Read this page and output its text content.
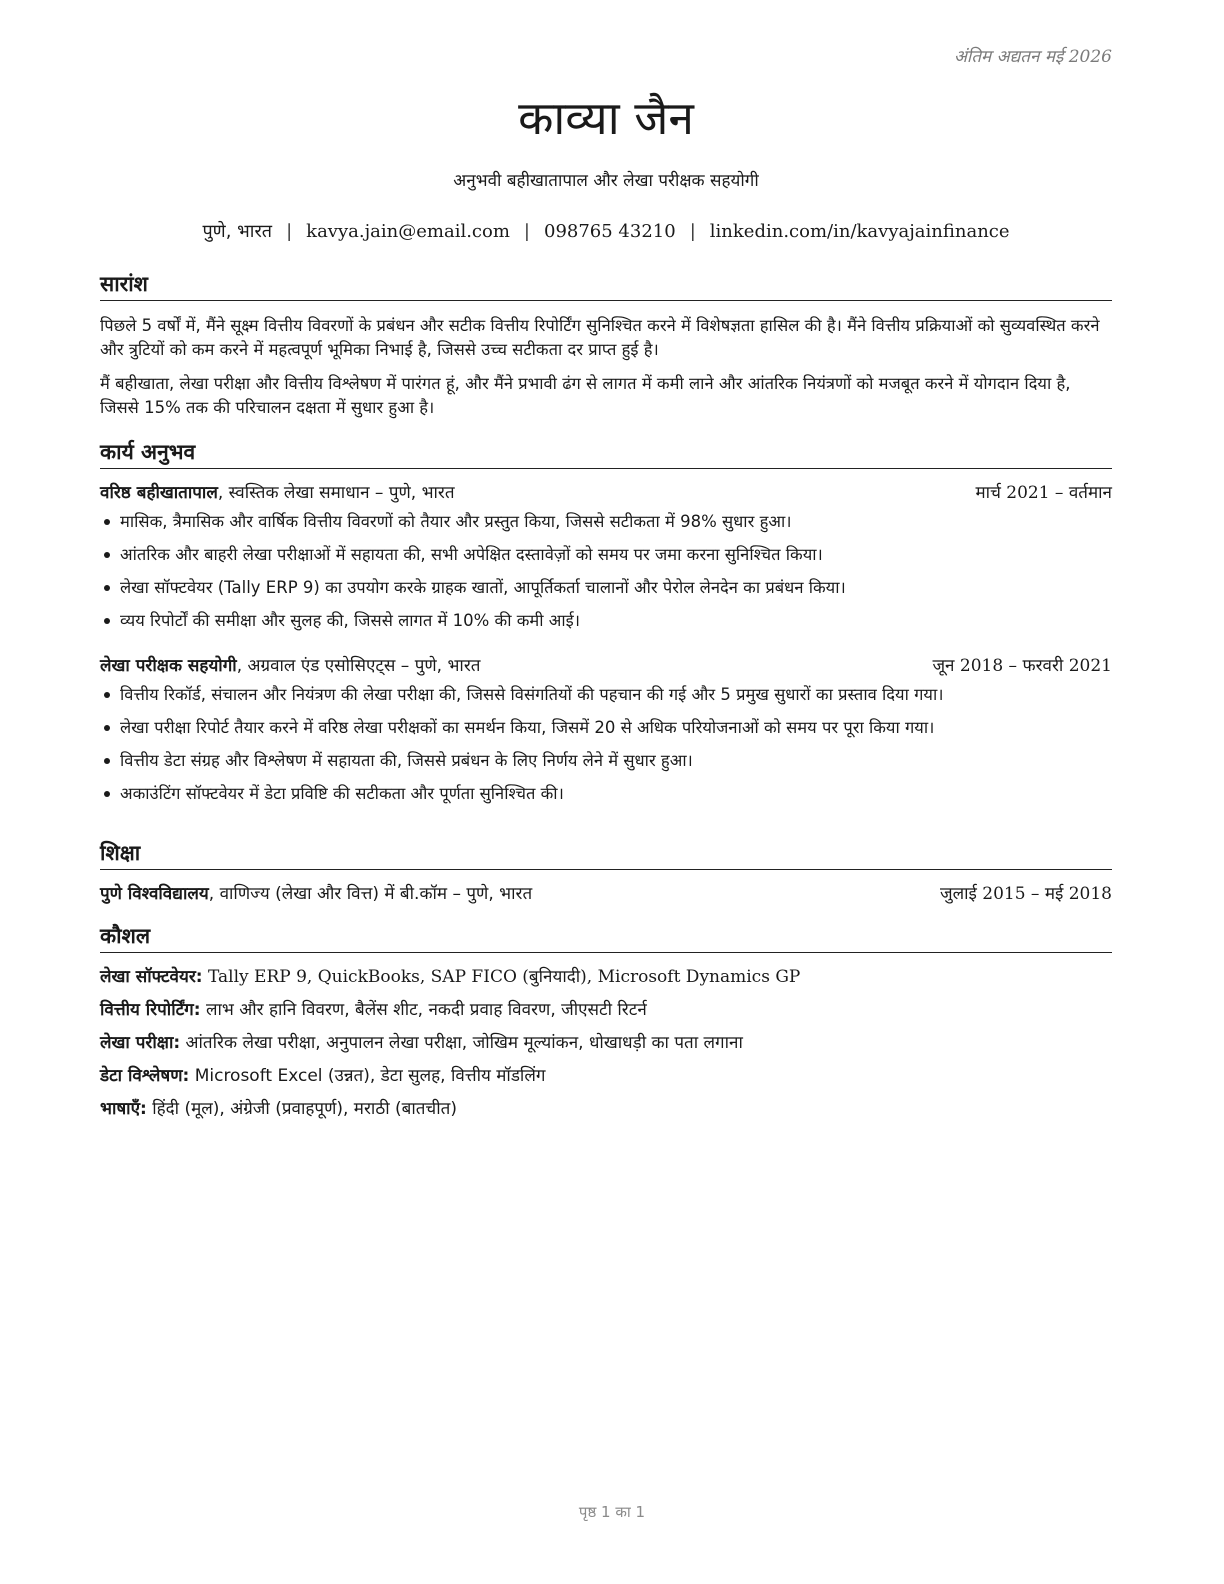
अंतिम अद्यतन मई 2026
काव्या जैन
अनुभवी बहीखातापाल और लेखा परीक्षक सहयोगी
पुणे, भारत | kavya.jain@email.com | 098765 43210 | linkedin.com/in/kavyajainfinance
सारांश

पिछले 5 वर्षों में, मैंने सूक्ष्म वित्तीय विवरणों के प्रबंधन और सटीक वित्तीय रिपोर्टिंग सुनिश्चित करने में विशेषज्ञता हासिल की है। मैंने वित्तीय प्रक्रियाओं को सुव्यवस्थित करने और त्रुटियों को कम करने में महत्वपूर्ण भूमिका निभाई है, जिससे उच्च सटीकता दर प्राप्त हुई है।

मैं बहीखाता, लेखा परीक्षा और वित्तीय विश्लेषण में पारंगत हूं, और मैंने प्रभावी ढंग से लागत में कमी लाने और आंतरिक नियंत्रणों को मजबूत करने में योगदान दिया है, जिससे 15% तक की परिचालन दक्षता में सुधार हुआ है।

कार्य अनुभव
वरिष्ठ बहीखातापाल, स्वस्तिक लेखा समाधान – पुणे, भारत	मार्च 2021 – वर्तमान
मासिक, त्रैमासिक और वार्षिक वित्तीय विवरणों को तैयार और प्रस्तुत किया, जिससे सटीकता में 98% सुधार हुआ।
आंतरिक और बाहरी लेखा परीक्षाओं में सहायता की, सभी अपेक्षित दस्तावेज़ों को समय पर जमा करना सुनिश्चित किया।
लेखा सॉफ्टवेयर (Tally ERP 9) का उपयोग करके ग्राहक खातों, आपूर्तिकर्ता चालानों और पेरोल लेनदेन का प्रबंधन किया।
व्यय रिपोर्टों की समीक्षा और सुलह की, जिससे लागत में 10% की कमी आई।
लेखा परीक्षक सहयोगी, अग्रवाल एंड एसोसिएट्स – पुणे, भारत	जून 2018 – फरवरी 2021
वित्तीय रिकॉर्ड, संचालन और नियंत्रण की लेखा परीक्षा की, जिससे विसंगतियों की पहचान की गई और 5 प्रमुख सुधारों का प्रस्ताव दिया गया।
लेखा परीक्षा रिपोर्ट तैयार करने में वरिष्ठ लेखा परीक्षकों का समर्थन किया, जिसमें 20 से अधिक परियोजनाओं को समय पर पूरा किया गया।
वित्तीय डेटा संग्रह और विश्लेषण में सहायता की, जिससे प्रबंधन के लिए निर्णय लेने में सुधार हुआ।
अकाउंटिंग सॉफ्टवेयर में डेटा प्रविष्टि की सटीकता और पूर्णता सुनिश्चित की।
शिक्षा
पुणे विश्वविद्यालय, वाणिज्य (लेखा और वित्त) में बी.कॉम – पुणे, भारत	जुलाई 2015 – मई 2018
कौशल
लेखा सॉफ्टवेयर: Tally ERP 9, QuickBooks, SAP FICO (बुनियादी), Microsoft Dynamics GP
वित्तीय रिपोर्टिंग: लाभ और हानि विवरण, बैलेंस शीट, नकदी प्रवाह विवरण, जीएसटी रिटर्न
लेखा परीक्षा: आंतरिक लेखा परीक्षा, अनुपालन लेखा परीक्षा, जोखिम मूल्यांकन, धोखाधड़ी का पता लगाना
डेटा विश्लेषण: Microsoft Excel (उन्नत), डेटा सुलह, वित्तीय मॉडलिंग
भाषाएँ: हिंदी (मूल), अंग्रेजी (प्रवाहपूर्ण), मराठी (बातचीत)
पृष्ठ 1 का 1
